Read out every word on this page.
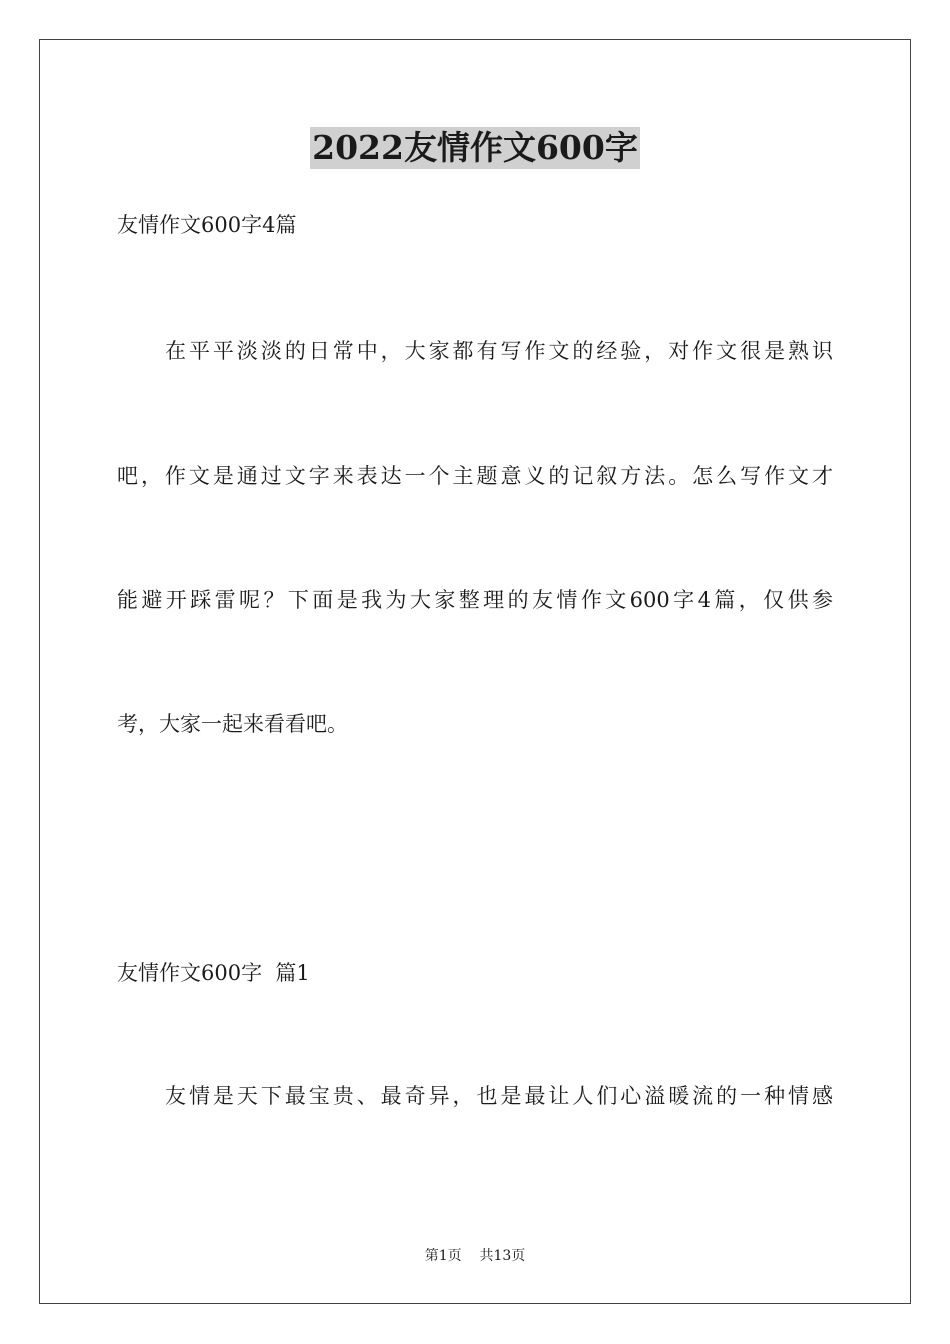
2022友情作文600字
友情作文600字4篇
在平平淡淡的日常中，大家都有写作文的经验，对作文很是熟识
吧，作文是通过文字来表达一个主题意义的记叙方法。怎么写作文才
能避开踩雷呢？下面是我为大家整理的友情作文600字4篇，仅供参
考，大家一起来看看吧。
友情作文600字  篇1
友情是天下最宝贵、最奇异，也是最让人们心溢暖流的一种情感
第1页    共13页
